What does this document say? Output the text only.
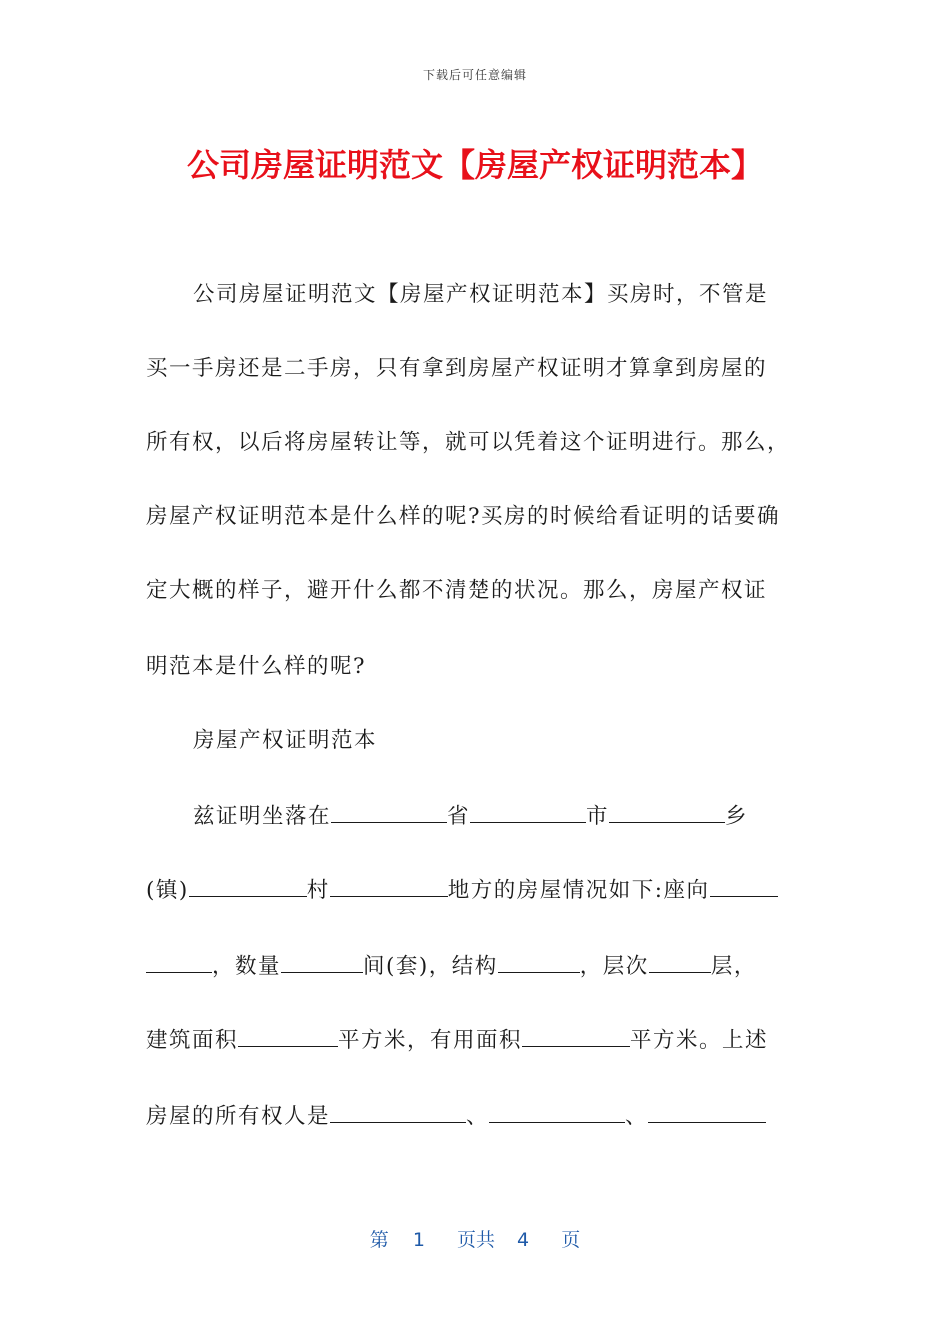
下载后可任意编辑
公司房屋证明范文【房屋产权证明范本】
公司房屋证明范文【房屋产权证明范本】买房时，不管是
买一手房还是二手房，只有拿到房屋产权证明才算拿到房屋的
所有权，以后将房屋转让等，就可以凭着这个证明进行。那么，
房屋产权证明范本是什么样的呢?买房的时候给看证明的话要确
定大概的样子，避开什么都不清楚的状况。那么，房屋产权证
明范本是什么样的呢?
房屋产权证明范本
兹证明坐落在	省	市	乡
(镇)	村	地方的房屋情况如下:座向
，数量	间(套)，结构	，层次	层，
建筑面积	平方米，有用面积	平方米。上述
房屋的所有权人是	、	、
第 1 页共 4 页
